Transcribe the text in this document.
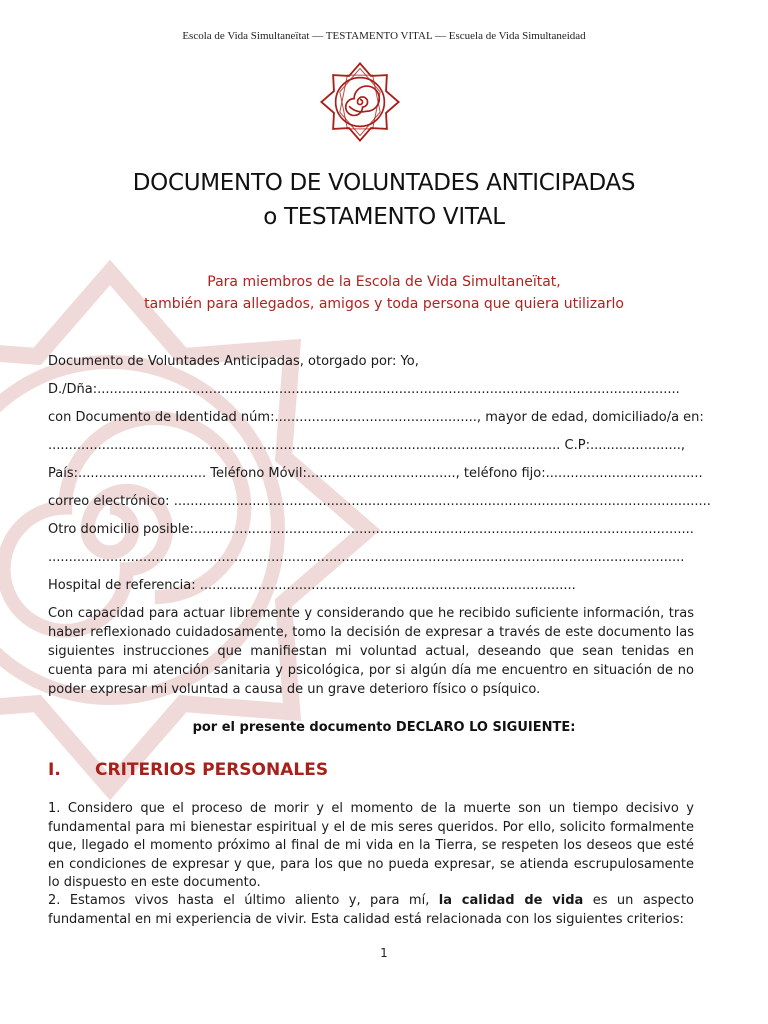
Escola de Vida Simultaneïtat — TESTAMENTO VITAL — Escuela de Vida Simultaneidad
DOCUMENTO DE VOLUNTADES ANTICIPADAS
o TESTAMENTO VITAL
Para miembros de la Escola de Vida Simultaneïtat,
también para allegados, amigos y toda persona que quiera utilizarlo
Documento de Voluntades Anticipadas, otorgado por: Yo,
D./Dña:.............................................................................................................................................
con Documento de Identidad núm:................................................., mayor de edad, domiciliado/a en:
............................................................................................................................ C.P:......................,
País:............................... Teléfono Móvil:...................................., teléfono fijo:......................................
correo electrónico: ..................................................................................................................................
Otro domicilio posible:.........................................................................................................................
..........................................................................................................................................................
Hospital de referencia: ...........................................................................................
Con capacidad para actuar libremente y considerando que he recibido suficiente información, tras haber reflexionado cuidadosamente, tomo la decisión de expresar a través de este documento las siguientes instrucciones que manifiestan mi voluntad actual, deseando que sean tenidas en cuenta para mi atención sanitaria y psicológica, por si algún día me encuentro en situación de no poder expresar mi voluntad a causa de un grave deterioro físico o psíquico.
por el presente documento DECLARO LO SIGUIENTE:
I. CRITERIOS PERSONALES
1. Considero que el proceso de morir y el momento de la muerte son un tiempo decisivo y fundamental para mi bienestar espiritual y el de mis seres queridos. Por ello, solicito formalmente que, llegado el momento próximo al final de mi vida en la Tierra, se respeten los deseos que esté en condiciones de expresar y que, para los que no pueda expresar, se atienda escrupulosamente lo dispuesto en este documento.
2. Estamos vivos hasta el último aliento y, para mí, la calidad de vida es un aspecto fundamental en mi experiencia de vivir. Esta calidad está relacionada con los siguientes criterios:
1
